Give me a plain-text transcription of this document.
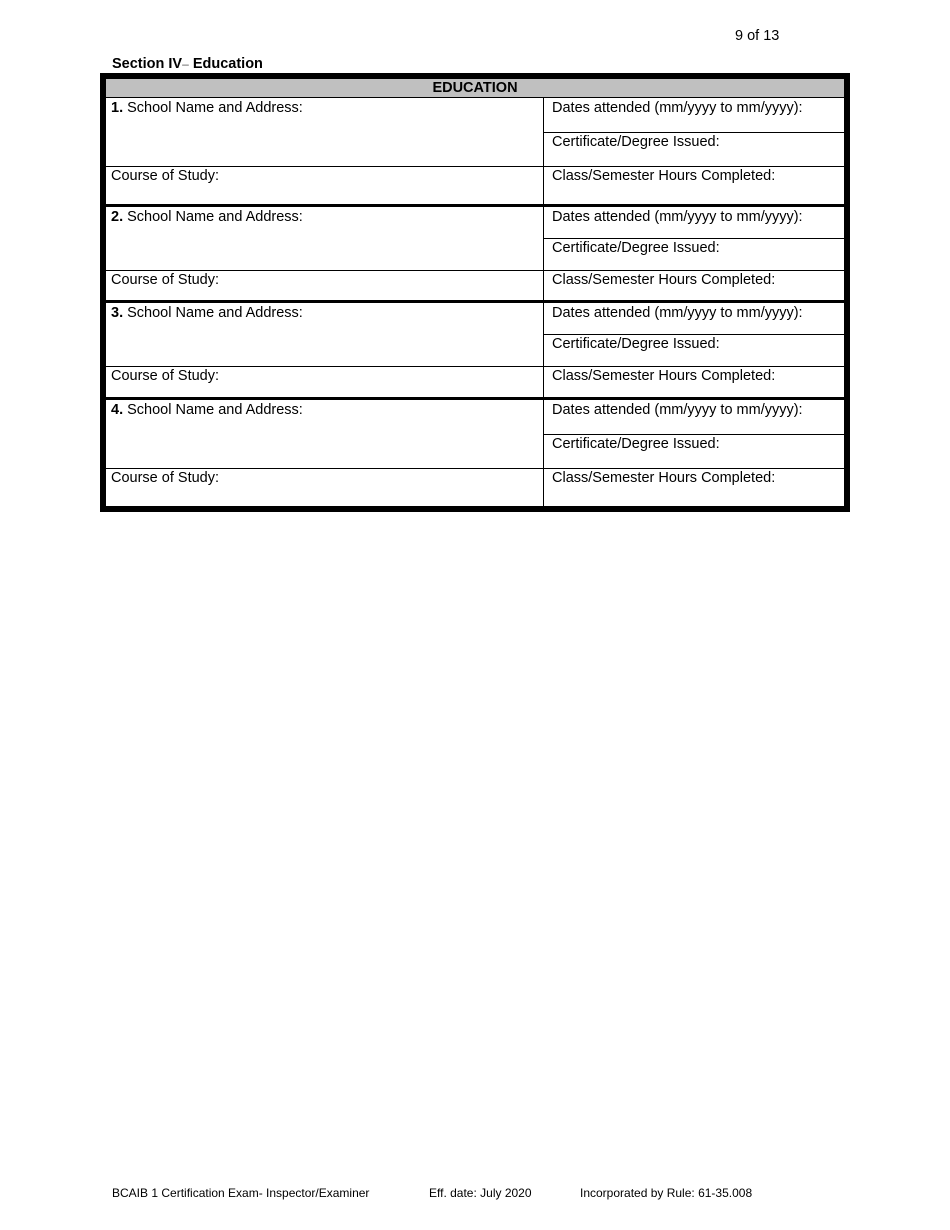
9 of 13
Section IV– Education
EDUCATION
1. School Name and Address:	Dates attended (mm/yyyy to mm/yyyy):
Certificate/Degree Issued:
Course of Study:	Class/Semester Hours Completed:
2. School Name and Address:	Dates attended (mm/yyyy to mm/yyyy):
Certificate/Degree Issued:
Course of Study:	Class/Semester Hours Completed:
3. School Name and Address:	Dates attended (mm/yyyy to mm/yyyy):
Certificate/Degree Issued:
Course of Study:	Class/Semester Hours Completed:
4. School Name and Address:	Dates attended (mm/yyyy to mm/yyyy):
Certificate/Degree Issued:
Course of Study:	Class/Semester Hours Completed:
BCAIB 1 Certification Exam- Inspector/Examiner	Eff. date: July 2020	Incorporated by Rule: 61-35.008
